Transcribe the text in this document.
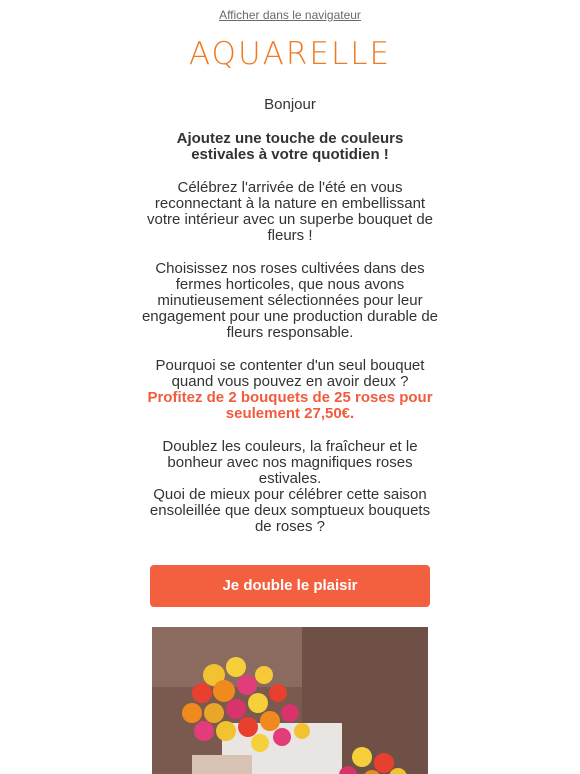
Afficher dans le navigateur
AQUARELLE

Bonjour

Ajoutez une touche de couleurs
estivales à votre quotidien !

Célébrez l'arrivée de l'été en vous reconnectant à la nature en embellissant votre intérieur avec un superbe bouquet de fleurs !

Choisissez nos roses cultivées dans des fermes horticoles, que nous avons minutieusement sélectionnées pour leur engagement pour une production durable de fleurs responsable.

Pourquoi se contenter d'un seul bouquet quand vous pouvez en avoir deux ?
Profitez de 2 bouquets de 25 roses pour seulement 27,50€.

Doublez les couleurs, la fraîcheur et le bonheur avec nos magnifiques roses estivales.
Quoi de mieux pour célébrer cette saison ensoleillée que deux somptueux bouquets de roses ?

Je double le plaisir
